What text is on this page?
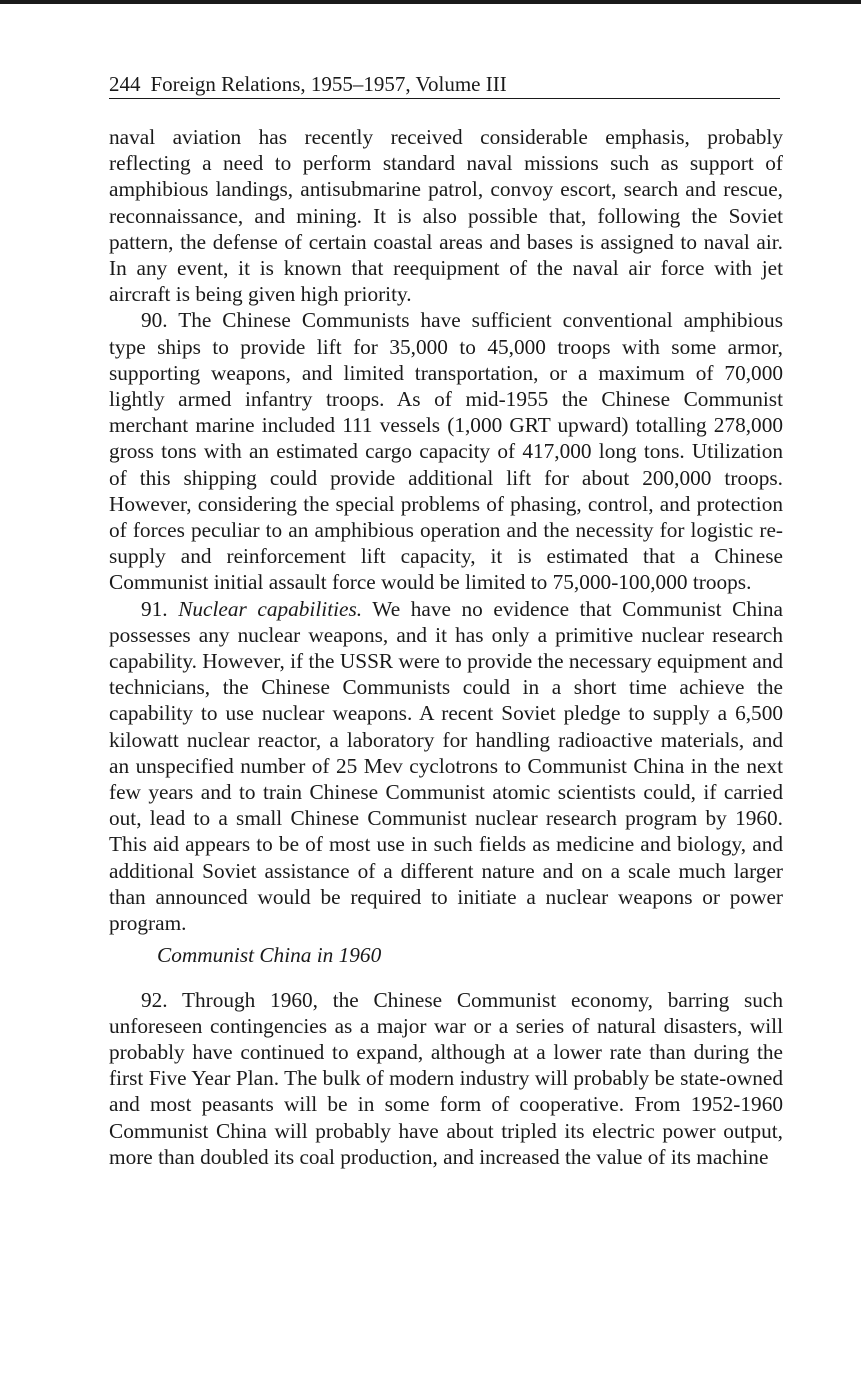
244 Foreign Relations, 1955–1957, Volume III

naval aviation has recently received considerable emphasis, probably reflecting a need to perform standard naval missions such as support of amphibious landings, antisubmarine patrol, convoy escort, search and rescue, reconnaissance, and mining. It is also possible that, following the Soviet pattern, the defense of certain coastal areas and bases is assigned to naval air. In any event, it is known that reequipment of the naval air force with jet aircraft is being given high priority.

90. The Chinese Communists have sufficient conventional amphibious type ships to provide lift for 35,000 to 45,000 troops with some armor, supporting weapons, and limited transportation, or a maximum of 70,000 lightly armed infantry troops. As of mid-1955 the Chinese Communist merchant marine included 111 vessels (1,000 GRT upward) totalling 278,000 gross tons with an estimated cargo capacity of 417,000 long tons. Utilization of this shipping could provide additional lift for about 200,000 troops. However, considering the special problems of phasing, control, and protection of forces peculiar to an amphibious operation and the necessity for logistic resupply and reinforcement lift capacity, it is estimated that a Chinese Communist initial assault force would be limited to 75,000-100,000 troops.

91. Nuclear capabilities. We have no evidence that Communist China possesses any nuclear weapons, and it has only a primitive nuclear research capability. However, if the USSR were to provide the necessary equipment and technicians, the Chinese Communists could in a short time achieve the capability to use nuclear weapons. A recent Soviet pledge to supply a 6,500 kilowatt nuclear reactor, a laboratory for handling radioactive materials, and an unspecified number of 25 Mev cyclotrons to Communist China in the next few years and to train Chinese Communist atomic scientists could, if carried out, lead to a small Chinese Communist nuclear research program by 1960. This aid appears to be of most use in such fields as medicine and biology, and additional Soviet assistance of a different nature and on a scale much larger than announced would be required to initiate a nuclear weapons or power program.

Communist China in 1960

92. Through 1960, the Chinese Communist economy, barring such unforeseen contingencies as a major war or a series of natural disasters, will probably have continued to expand, although at a lower rate than during the first Five Year Plan. The bulk of modern industry will probably be state-owned and most peasants will be in some form of cooperative. From 1952-1960 Communist China will probably have about tripled its electric power output, more than doubled its coal production, and increased the value of its machine
